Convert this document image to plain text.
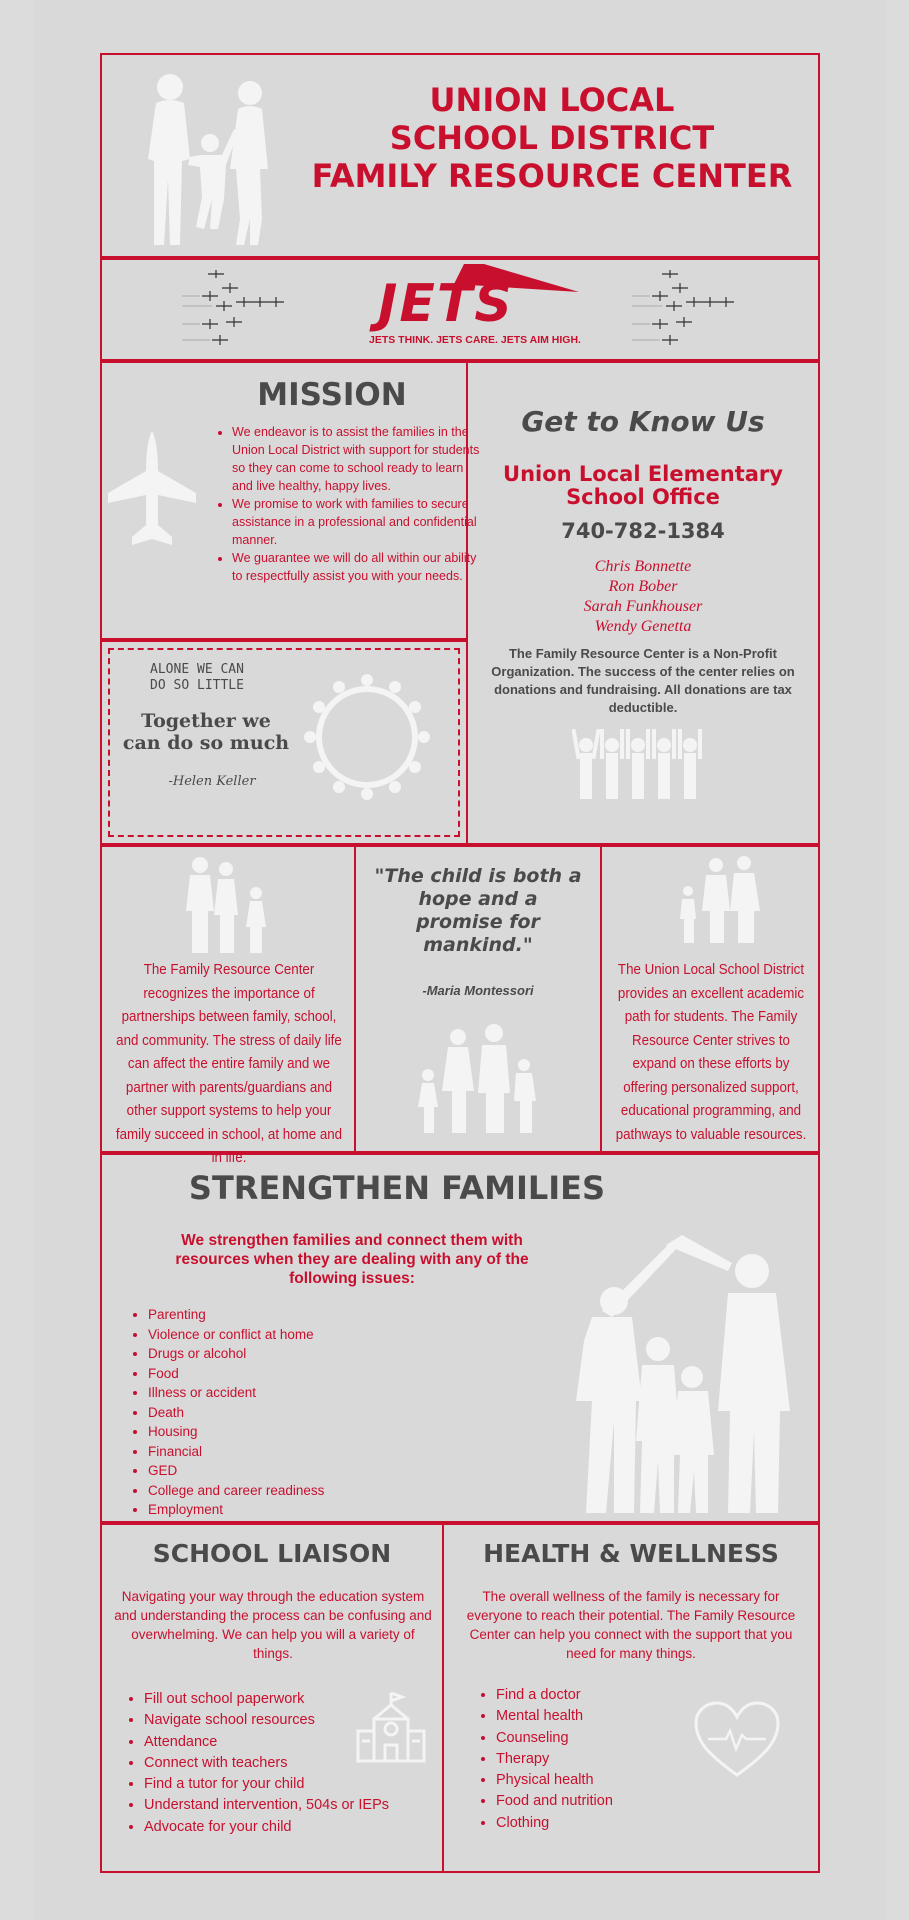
UNION LOCAL
SCHOOL DISTRICT
FAMILY RESOURCE CENTER
JETS
JETS THINK. JETS CARE. JETS AIM HIGH.
MISSION
• We endeavor is to assist the families in the Union Local District with support for students so they can come to school ready to learn and live healthy, happy lives.
• We promise to work with families to secure assistance in a professional and confidential manner.
• We guarantee we will do all within our ability to respectfully assist you with your needs.
ALONE WE CAN
DO SO LITTLE
Together we
can do so much
-Helen Keller
Get to Know Us
Union Local Elementary
School Office
740-782-1384
Chris Bonnette
Ron Bober
Sarah Funkhouser
Wendy Genetta
The Family Resource Center is a Non-Profit Organization. The success of the center relies on donations and fundraising. All donations are tax deductible.
The Family Resource Center recognizes the importance of partnerships between family, school, and community. The stress of daily life can affect the entire family and we partner with parents/guardians and other support systems to help your family succeed in school, at home and in life.
"The child is both a hope and a promise for mankind."
-Maria Montessori
The Union Local School District provides an excellent academic path for students. The Family Resource Center strives to expand on these efforts by offering personalized support, educational programming, and pathways to valuable resources.
STRENGTHEN FAMILIES
We strengthen families and connect them with resources when they are dealing with any of the following issues:
• Parenting
• Violence or conflict at home
• Drugs or alcohol
• Food
• Illness or accident
• Death
• Housing
• Financial
• GED
• College and career readiness
• Employment
SCHOOL LIAISON
Navigating your way through the education system and understanding the process can be confusing and overwhelming. We can help you will a variety of things.
• Fill out school paperwork
• Navigate school resources
• Attendance
• Connect with teachers
• Find a tutor for your child
• Understand intervention, 504s or IEPs
• Advocate for your child
HEALTH & WELLNESS
The overall wellness of the family is necessary for everyone to reach their potential. The Family Resource Center can help you connect with the support that you need for many things.
• Find a doctor
• Mental health
• Counseling
• Therapy
• Physical health
• Food and nutrition
• Clothing
